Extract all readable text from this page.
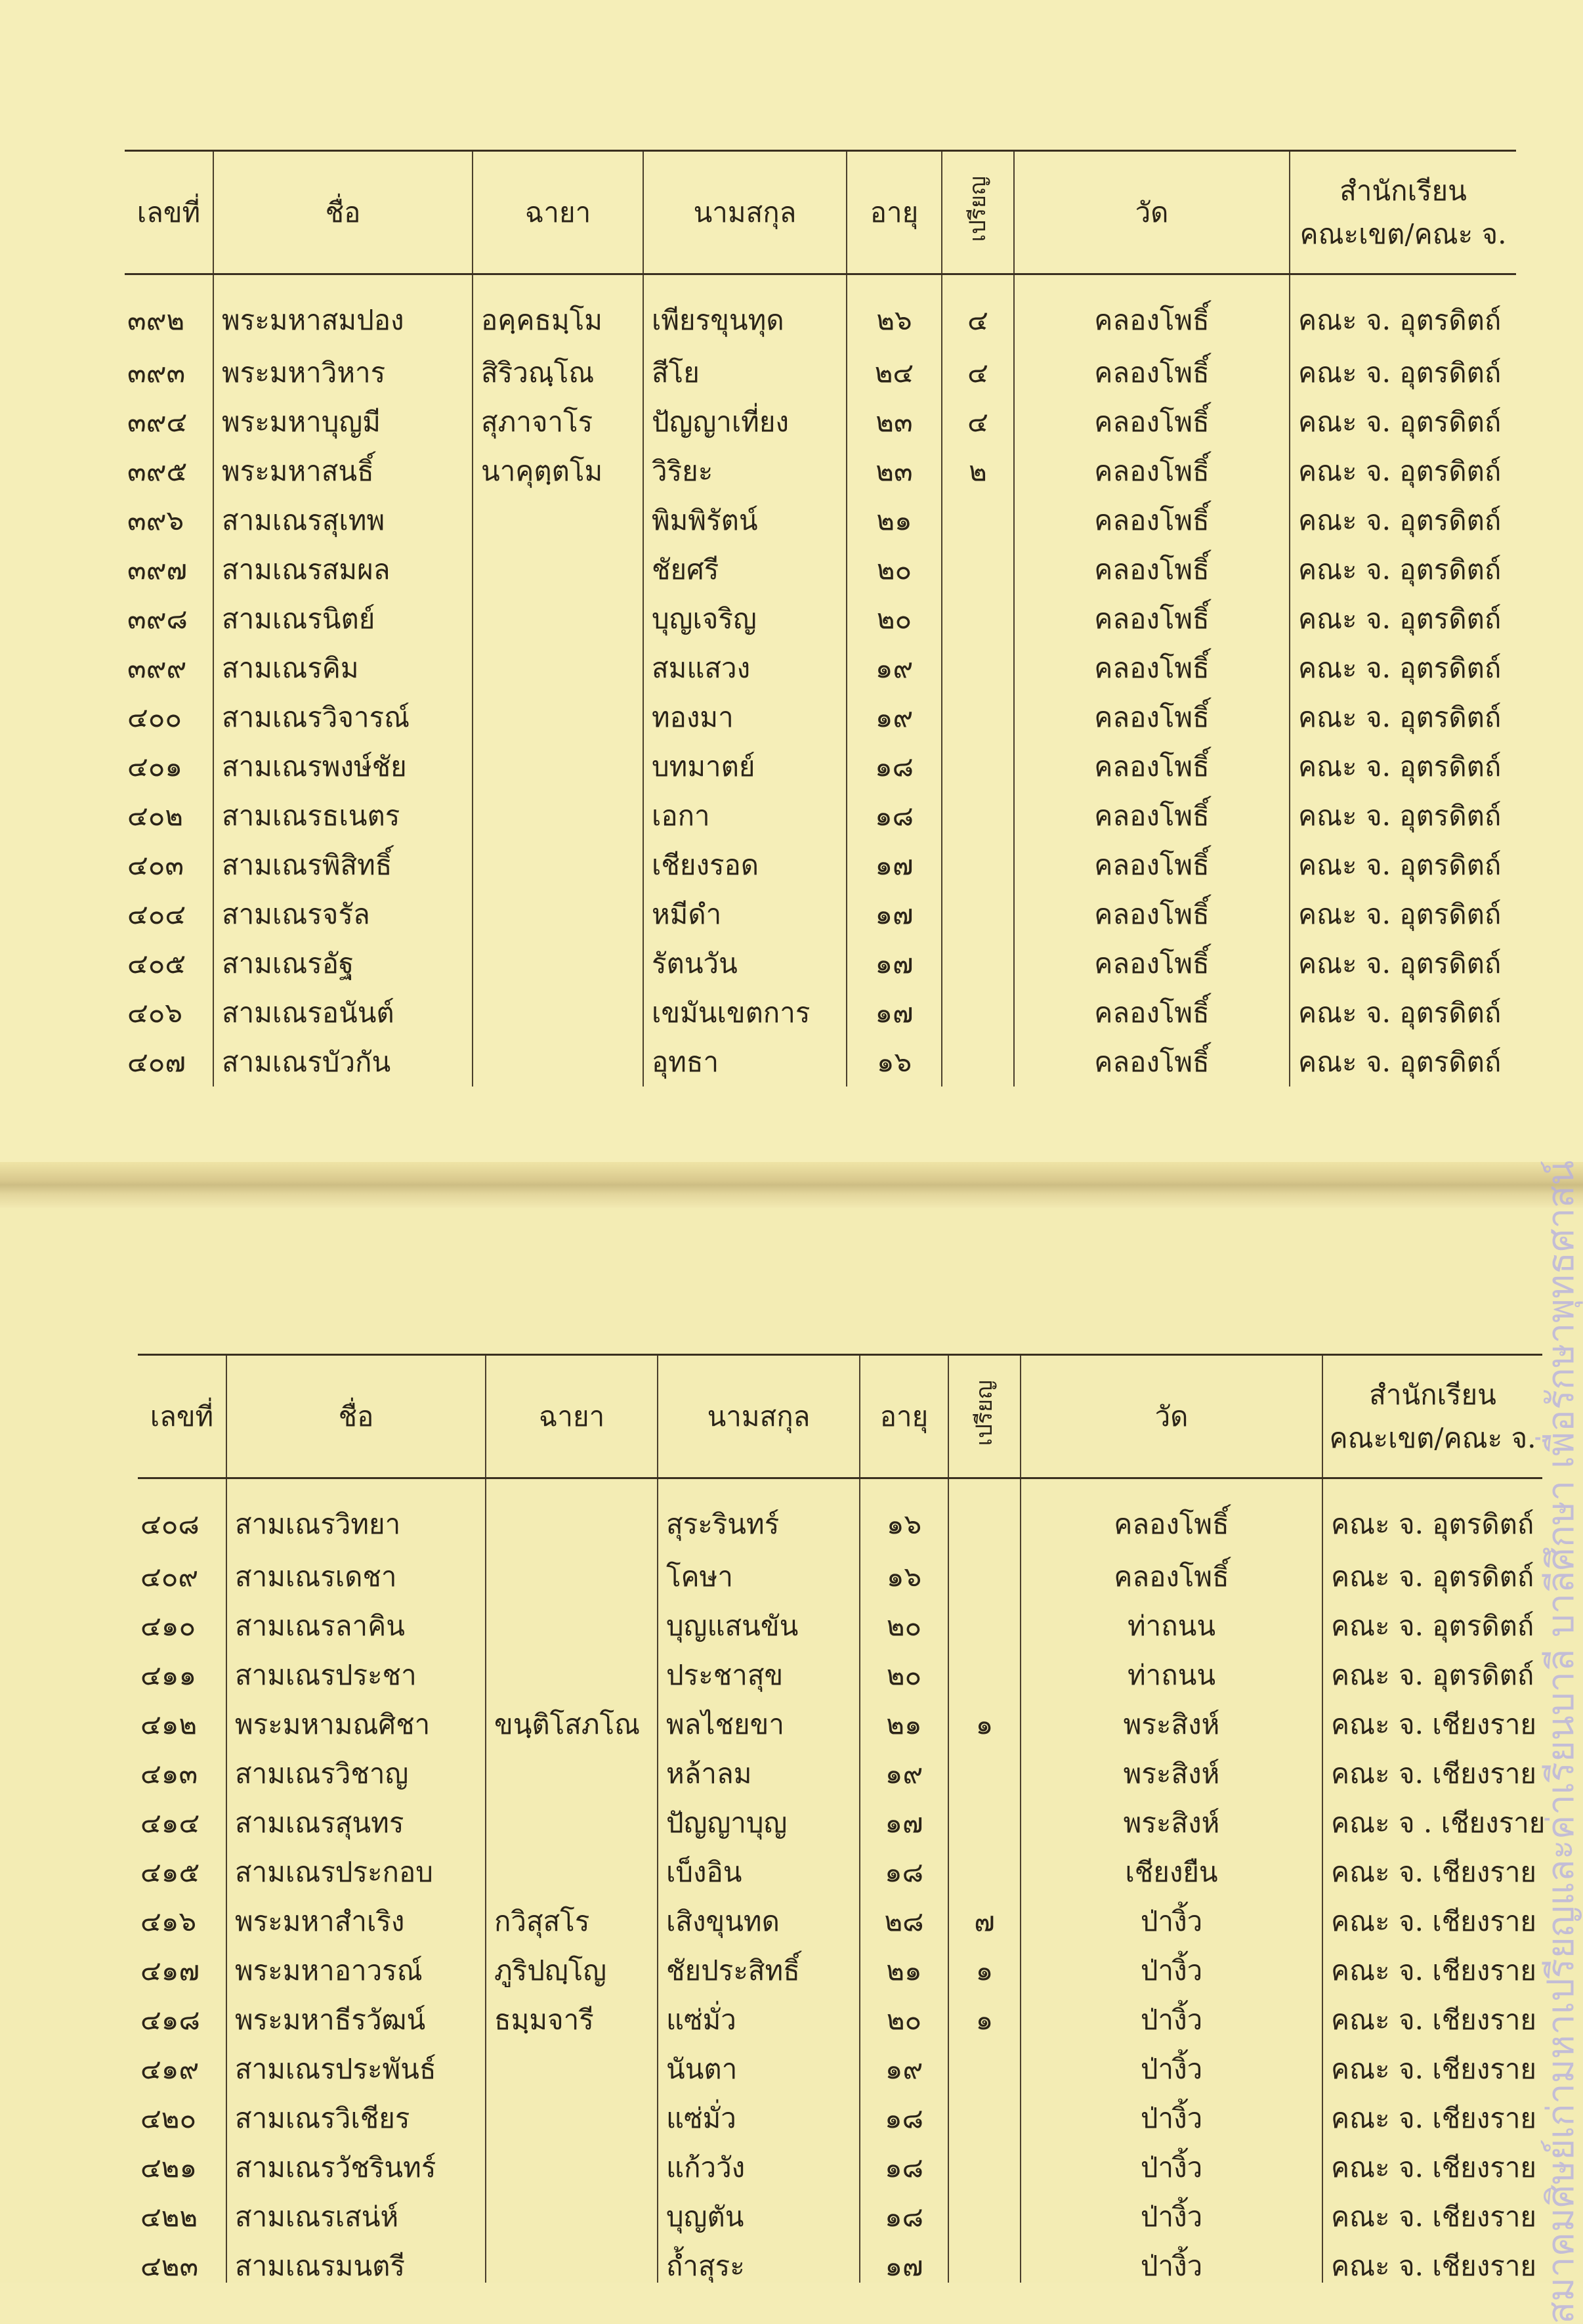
เลขที่	ชื่อ	ฉายา	นามสกุล	อายุ	เปรียญ	วัด	สำนักเรียน
คณะเขต/คณะ จ.

๓๙๒	พระมหาสมปอง	อคฺคธมฺโม	เพียรขุนทุด	๒๖	๔	คลองโพธิ์	คณะ จ. อุตรดิตถ์
๓๙๓	พระมหาวิหาร	สิริวณฺโณ	สีโย	๒๔	๔	คลองโพธิ์	คณะ จ. อุตรดิตถ์
๓๙๔	พระมหาบุญมี	สุภาจาโร	ปัญญาเที่ยง	๒๓	๔	คลองโพธิ์	คณะ จ. อุตรดิตถ์
๓๙๕	พระมหาสนธิ์	นาคุตฺตโม	วิริยะ	๒๓	๒	คลองโพธิ์	คณะ จ. อุตรดิตถ์
๓๙๖	สามเณรสุเทพ		พิมพิรัตน์	๒๑		คลองโพธิ์	คณะ จ. อุตรดิตถ์
๓๙๗	สามเณรสมผล		ชัยศรี	๒๐		คลองโพธิ์	คณะ จ. อุตรดิตถ์
๓๙๘	สามเณรนิตย์		บุญเจริญ	๒๐		คลองโพธิ์	คณะ จ. อุตรดิตถ์
๓๙๙	สามเณรคิม		สมแสวง	๑๙		คลองโพธิ์	คณะ จ. อุตรดิตถ์
๔๐๐	สามเณรวิจารณ์		ทองมา	๑๙		คลองโพธิ์	คณะ จ. อุตรดิตถ์
๔๐๑	สามเณรพงษ์ชัย		บทมาตย์	๑๘		คลองโพธิ์	คณะ จ. อุตรดิตถ์
๔๐๒	สามเณรธเนตร		เอกา	๑๘		คลองโพธิ์	คณะ จ. อุตรดิตถ์
๔๐๓	สามเณรพิสิทธิ์		เชียงรอด	๑๗		คลองโพธิ์	คณะ จ. อุตรดิตถ์
๔๐๔	สามเณรจรัล		หมีดำ	๑๗		คลองโพธิ์	คณะ จ. อุตรดิตถ์
๔๐๕	สามเณรอัฐ		รัตนวัน	๑๗		คลองโพธิ์	คณะ จ. อุตรดิตถ์
๔๐๖	สามเณรอนันต์		เขมันเขตการ	๑๗		คลองโพธิ์	คณะ จ. อุตรดิตถ์
๔๐๗	สามเณรบัวกัน		อุทธา	๑๖		คลองโพธิ์	คณะ จ. อุตรดิตถ์
เลขที่	ชื่อ	ฉายา	นามสกุล	อายุ	เปรียญ	วัด	สำนักเรียน
คณะเขต/คณะ จ.

๔๐๘	สามเณรวิทยา		สุระรินทร์	๑๖		คลองโพธิ์	คณะ จ. อุตรดิตถ์
๔๐๙	สามเณรเดชา		โคษา	๑๖		คลองโพธิ์	คณะ จ. อุตรดิตถ์
๔๑๐	สามเณรลาคิน		บุญแสนขัน	๒๐		ท่าถนน	คณะ จ. อุตรดิตถ์
๔๑๑	สามเณรประชา		ประชาสุข	๒๐		ท่าถนน	คณะ จ. อุตรดิตถ์
๔๑๒	พระมหามณศิชา	ขนฺติโสภโณ	พลไชยขา	๒๑	๑	พระสิงห์	คณะ จ. เชียงราย
๔๑๓	สามเณรวิชาญ		หล้าลม	๑๙		พระสิงห์	คณะ จ. เชียงราย
๔๑๔	สามเณรสุนทร		ปัญญาบุญ	๑๗		พระสิงห์	คณะ จ . เชียงราย
๔๑๕	สามเณรประกอบ		เบ็งอิน	๑๘		เชียงยืน	คณะ จ. เชียงราย
๔๑๖	พระมหาสำเริง	กวิสุสโร	เสิงขุนทด	๒๘	๗	ป่างิ้ว	คณะ จ. เชียงราย
๔๑๗	พระมหาอาวรณ์	ภูริปญฺโญ	ชัยประสิทธิ์	๒๑	๑	ป่างิ้ว	คณะ จ. เชียงราย
๔๑๘	พระมหาธีรวัฒน์	ธมฺมจารี	แซ่มั่ว	๒๐	๑	ป่างิ้ว	คณะ จ. เชียงราย
๔๑๙	สามเณรประพันธ์		นันตา	๑๙		ป่างิ้ว	คณะ จ. เชียงราย
๔๒๐	สามเณรวิเชียร		แซ่มั่ว	๑๘		ป่างิ้ว	คณะ จ. เชียงราย
๔๒๑	สามเณรวัชรินทร์		แก้ววัง	๑๘		ป่างิ้ว	คณะ จ. เชียงราย
๔๒๒	สามเณรเสน่ห์		บุญตัน	๑๘		ป่างิ้ว	คณะ จ. เชียงราย
๔๒๓	สามเณรมนตรี		ถ้ำสุระ	๑๗		ป่างิ้ว	คณะ จ. เชียงราย สมาคมศิษย์เก่ามหาเปรียญและค่าเรียนบาลี บาลีศึกษา เพื่อรักษาพุทธศาสน์
